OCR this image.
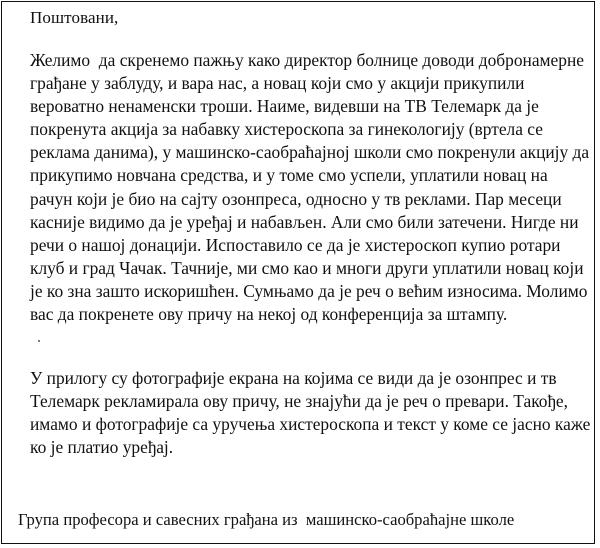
Поштовани,

Желимо  да скренемо пажњу како директор болнице доводи добронамерне
грађане у заблуду, и вара нас, а новац који смо у акцији прикупили
вероватно ненаменски троши. Наиме, видевши на ТВ Телемарк да је
покренута акција за набавку хистероскопа за гинекологију (вртела се
реклама данима), у машинско-саобраћајној школи смо покренули акцију да
прикупимо новчана средства, и у томе смо успели, уплатили новац на
рачун који је био на сајту озонпреса, односно у тв реклами. Пар месеци
касније видимо да је уређај и набављен. Али смо били затечени. Нигде ни
речи о нашој донацији. Испоставило се да је хистероскоп купио ротари
клуб и град Чачак. Тачније, ми смо као и многи други уплатили новац који
је ко зна зашто искоришћен. Сумњамо да је реч о већим износима. Молимо
вас да покренете ову причу на некој од конференција за штампу.
У прилогу су фотографије екрана на којима се види да је озонпрес и тв
Телемарк рекламирала ову причу, не знајући да је реч о превари. Такође,
имамо и фотографије са уручења хистероскопа и текст у коме се јасно каже
ко је платио уређај.

Група професора и савесних грађана из  машинско-саобраћајне школе
